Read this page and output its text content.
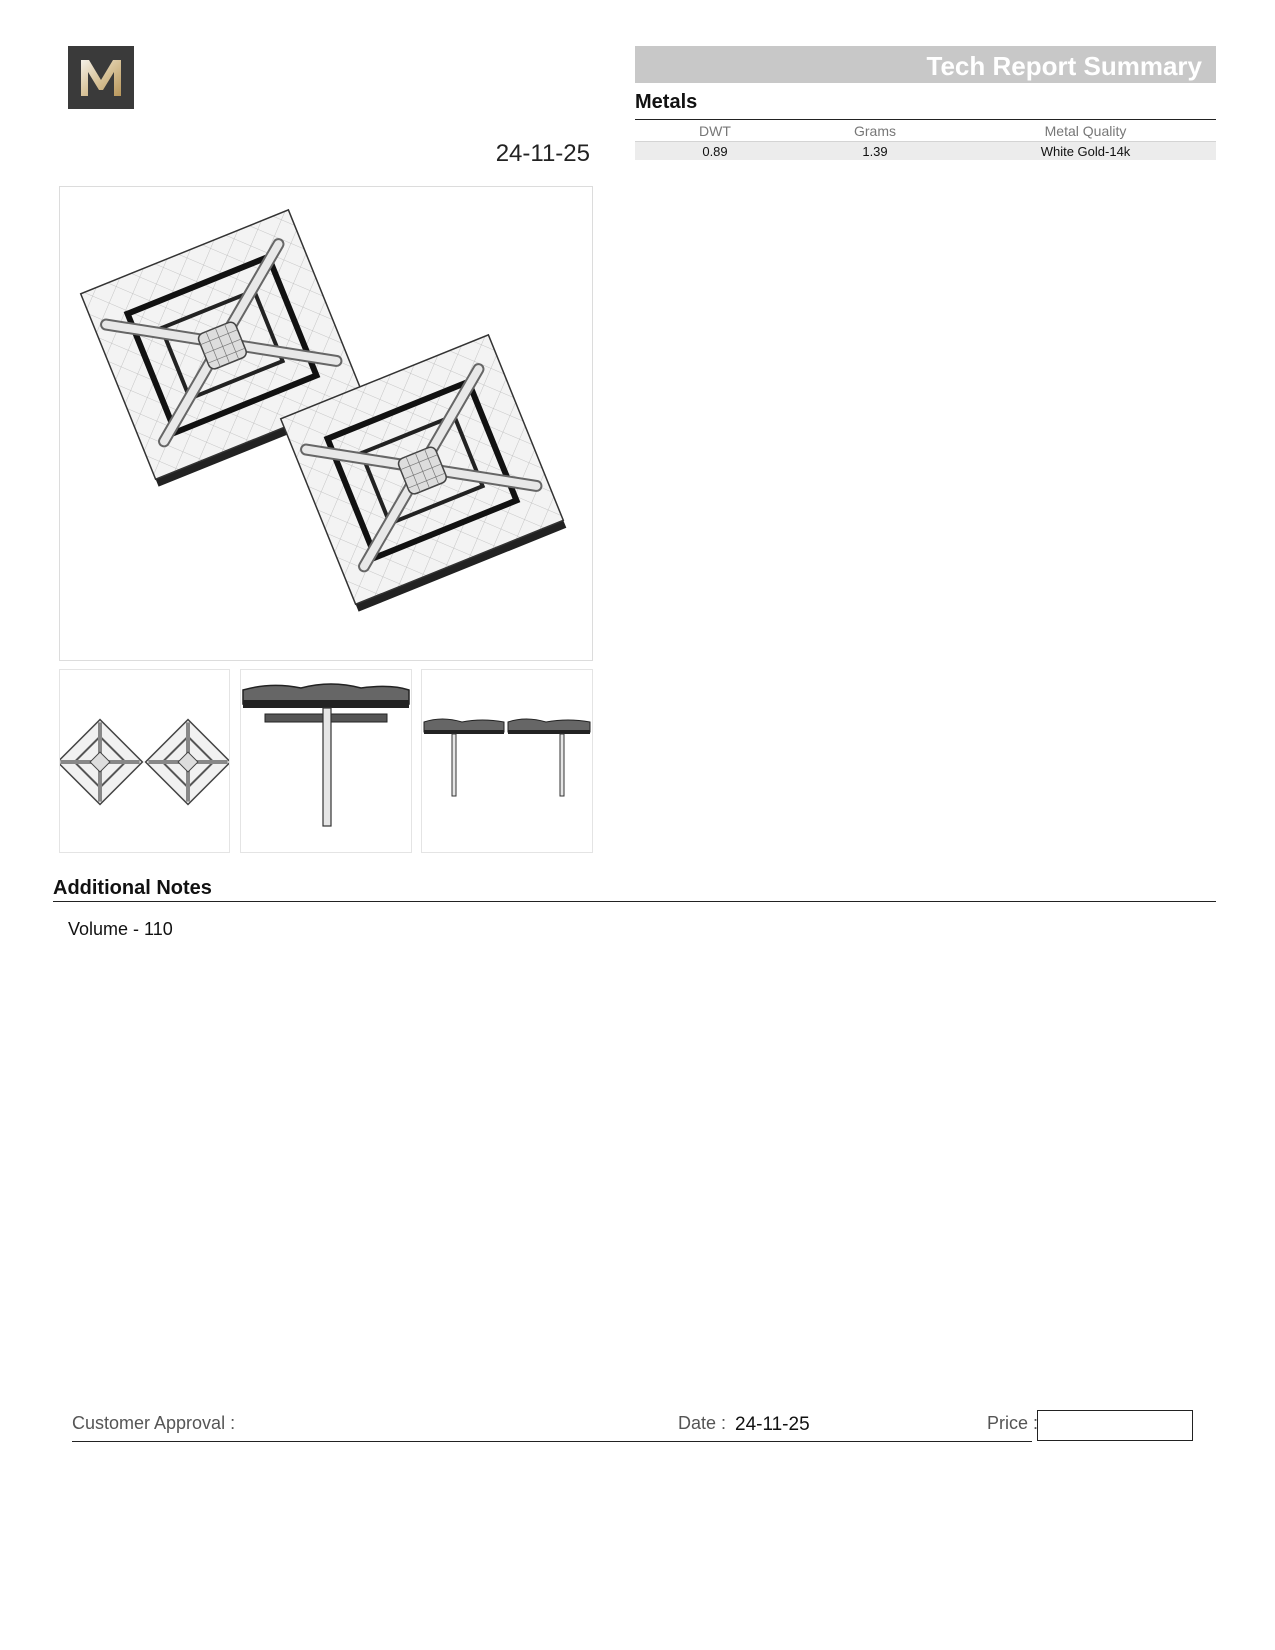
24-11-25
Tech Report Summary
Metals
DWT	Grams	Metal Quality
0.89	1.39	White Gold-14k
Additional Notes
Volume - 110
Customer Approval :	Date : 24-11-25	Price :
